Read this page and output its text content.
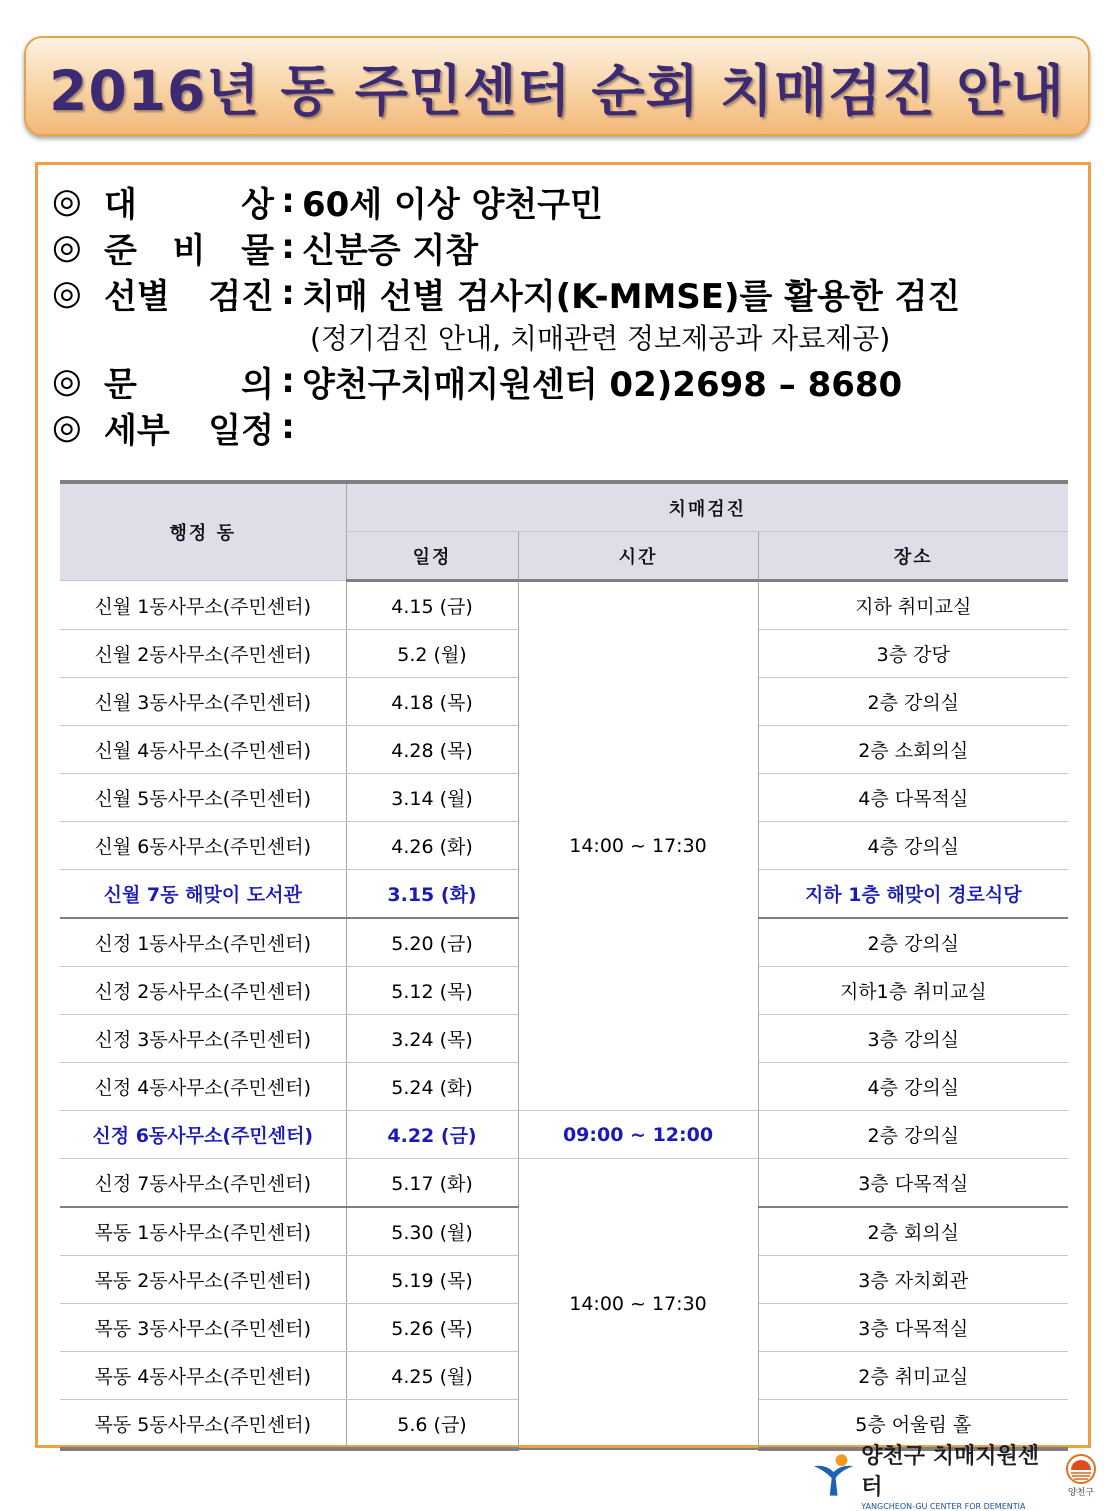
2016년 동 주민센터 순회 치매검진 안내
◎ 대	상 : 60세 이상 양천구민
◎ 준 비 물 : 신분증 지참
◎ 선별 검진 : 치매 선별 검사지(K-MMSE)를 활용한 검진
(정기검진 안내, 치매관련 정보제공과 자료제공)
◎ 문	의 : 양천구치매지원센터 02)2698 – 8680
◎ 세부 일정 :
행정 동	치매검진		
	일정	시간	장소
신월 1동사무소(주민센터)	4.15 (금)	14:00 ~ 17:30	지하 취미교실
신월 2동사무소(주민센터)	5.2 (월)		3층 강당
신월 3동사무소(주민센터)	4.18 (목)		2층 강의실
신월 4동사무소(주민센터)	4.28 (목)		2층 소회의실
신월 5동사무소(주민센터)	3.14 (월)		4층 다목적실
신월 6동사무소(주민센터)	4.26 (화)		4층 강의실
신월 7동 해맞이 도서관	3.15 (화)		지하 1층 해맞이 경로식당
신정 1동사무소(주민센터)	5.20 (금)		2층 강의실
신정 2동사무소(주민센터)	5.12 (목)		지하1층 취미교실
신정 3동사무소(주민센터)	3.24 (목)		3층 강의실
신정 4동사무소(주민센터)	5.24 (화)		4층 강의실
신정 6동사무소(주민센터)	4.22 (금)	09:00 ~ 12:00	2층 강의실
신정 7동사무소(주민센터)	5.17 (화)	14:00 ~ 17:30	3층 다목적실
목동 1동사무소(주민센터)	5.30 (월)		2층 회의실
목동 2동사무소(주민센터)	5.19 (목)		3층 자치회관
목동 3동사무소(주민센터)	5.26 (목)		3층 다목적실
목동 4동사무소(주민센터)	4.25 (월)		2층 취미교실
목동 5동사무소(주민센터)	5.6 (금)		5층 어울림 홀
양천구 치매지원센터
YANGCHEON-GU CENTER FOR DEMENTIA
양천구
